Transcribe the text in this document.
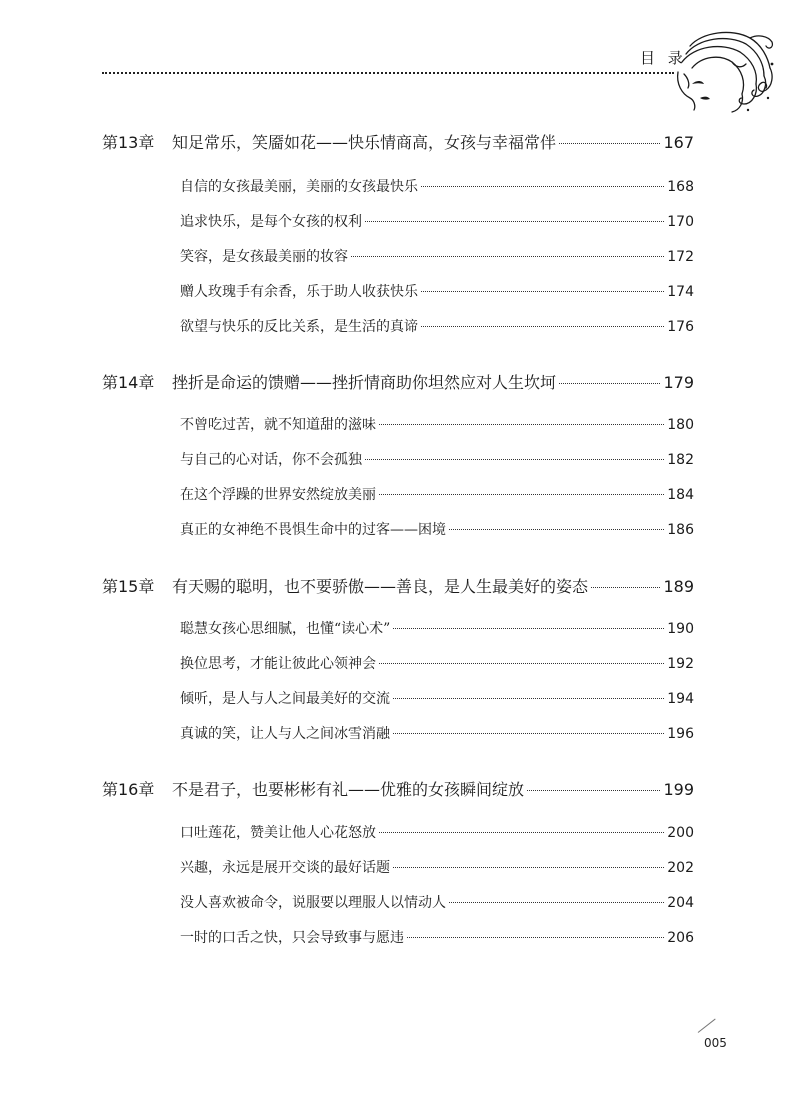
目 录
第13章	知足常乐，笑靥如花——快乐情商高，女孩与幸福常伴	167
自信的女孩最美丽，美丽的女孩最快乐	168
追求快乐，是每个女孩的权利	170
笑容，是女孩最美丽的妆容	172
赠人玫瑰手有余香，乐于助人收获快乐	174
欲望与快乐的反比关系，是生活的真谛	176
第14章	挫折是命运的馈赠——挫折情商助你坦然应对人生坎坷	179
不曾吃过苦，就不知道甜的滋味	180
与自己的心对话，你不会孤独	182
在这个浮躁的世界安然绽放美丽	184
真正的女神绝不畏惧生命中的过客——困境	186
第15章	有天赐的聪明，也不要骄傲——善良，是人生最美好的姿态	189
聪慧女孩心思细腻，也懂“读心术”	190
换位思考，才能让彼此心领神会	192
倾听，是人与人之间最美好的交流	194
真诚的笑，让人与人之间冰雪消融	196
第16章	不是君子，也要彬彬有礼——优雅的女孩瞬间绽放	199
口吐莲花，赞美让他人心花怒放	200
兴趣，永远是展开交谈的最好话题	202
没人喜欢被命令，说服要以理服人以情动人	204
一时的口舌之快，只会导致事与愿违	206
005
